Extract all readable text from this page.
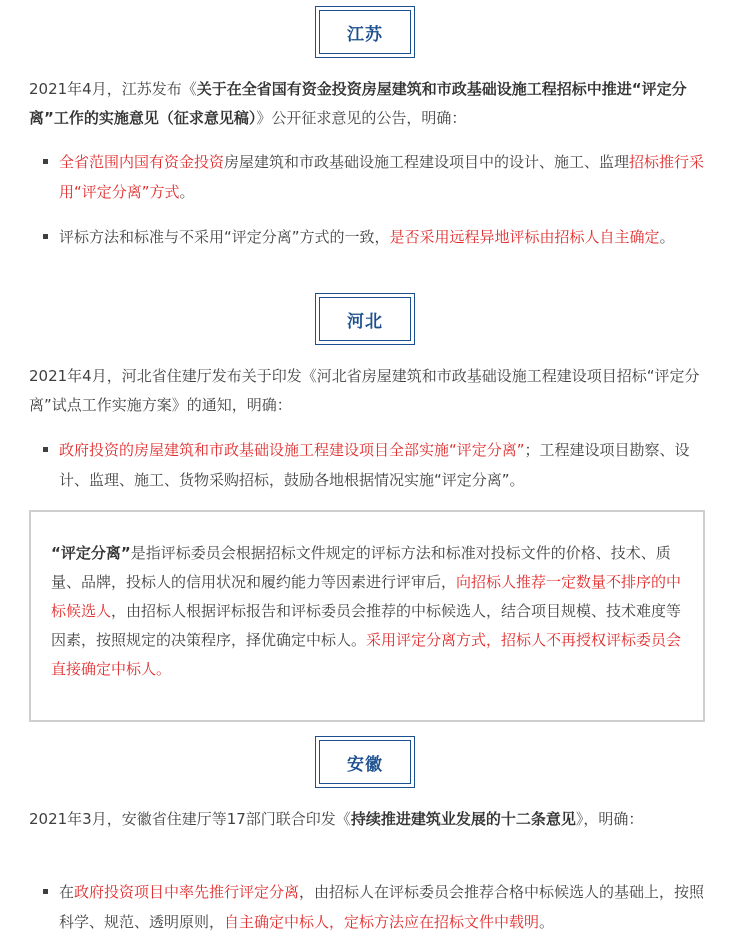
江苏

2021年4月，江苏发布《关于在全省国有资金投资房屋建筑和市政基础设施工程招标中推进“评定分离”工作的实施意见（征求意见稿）》公开征求意见的公告，明确：

全省范围内国有资金投资房屋建筑和市政基础设施工程建设项目中的设计、施工、监理招标推行采用“评定分离”方式。

评标方法和标准与不采用“评定分离”方式的一致，是否采用远程异地评标由招标人自主确定。

河北

2021年4月，河北省住建厅发布关于印发《河北省房屋建筑和市政基础设施工程建设项目招标“评定分离”试点工作实施方案》的通知，明确：

政府投资的房屋建筑和市政基础设施工程建设项目全部实施“评定分离”；工程建设项目勘察、设计、监理、施工、货物采购招标，鼓励各地根据情况实施“评定分离”。

“评定分离”是指评标委员会根据招标文件规定的评标方法和标准对投标文件的价格、技术、质量、品牌，投标人的信用状况和履约能力等因素进行评审后，向招标人推荐一定数量不排序的中标候选人，由招标人根据评标报告和评标委员会推荐的中标候选人，结合项目规模、技术难度等因素，按照规定的决策程序，择优确定中标人。采用评定分离方式，招标人不再授权评标委员会直接确定中标人。

安徽

2021年3月，安徽省住建厅等17部门联合印发《持续推进建筑业发展的十二条意见》，明确：

在政府投资项目中率先推行评定分离，由招标人在评标委员会推荐合格中标候选人的基础上，按照科学、规范、透明原则，自主确定中标人，定标方法应在招标文件中载明。
